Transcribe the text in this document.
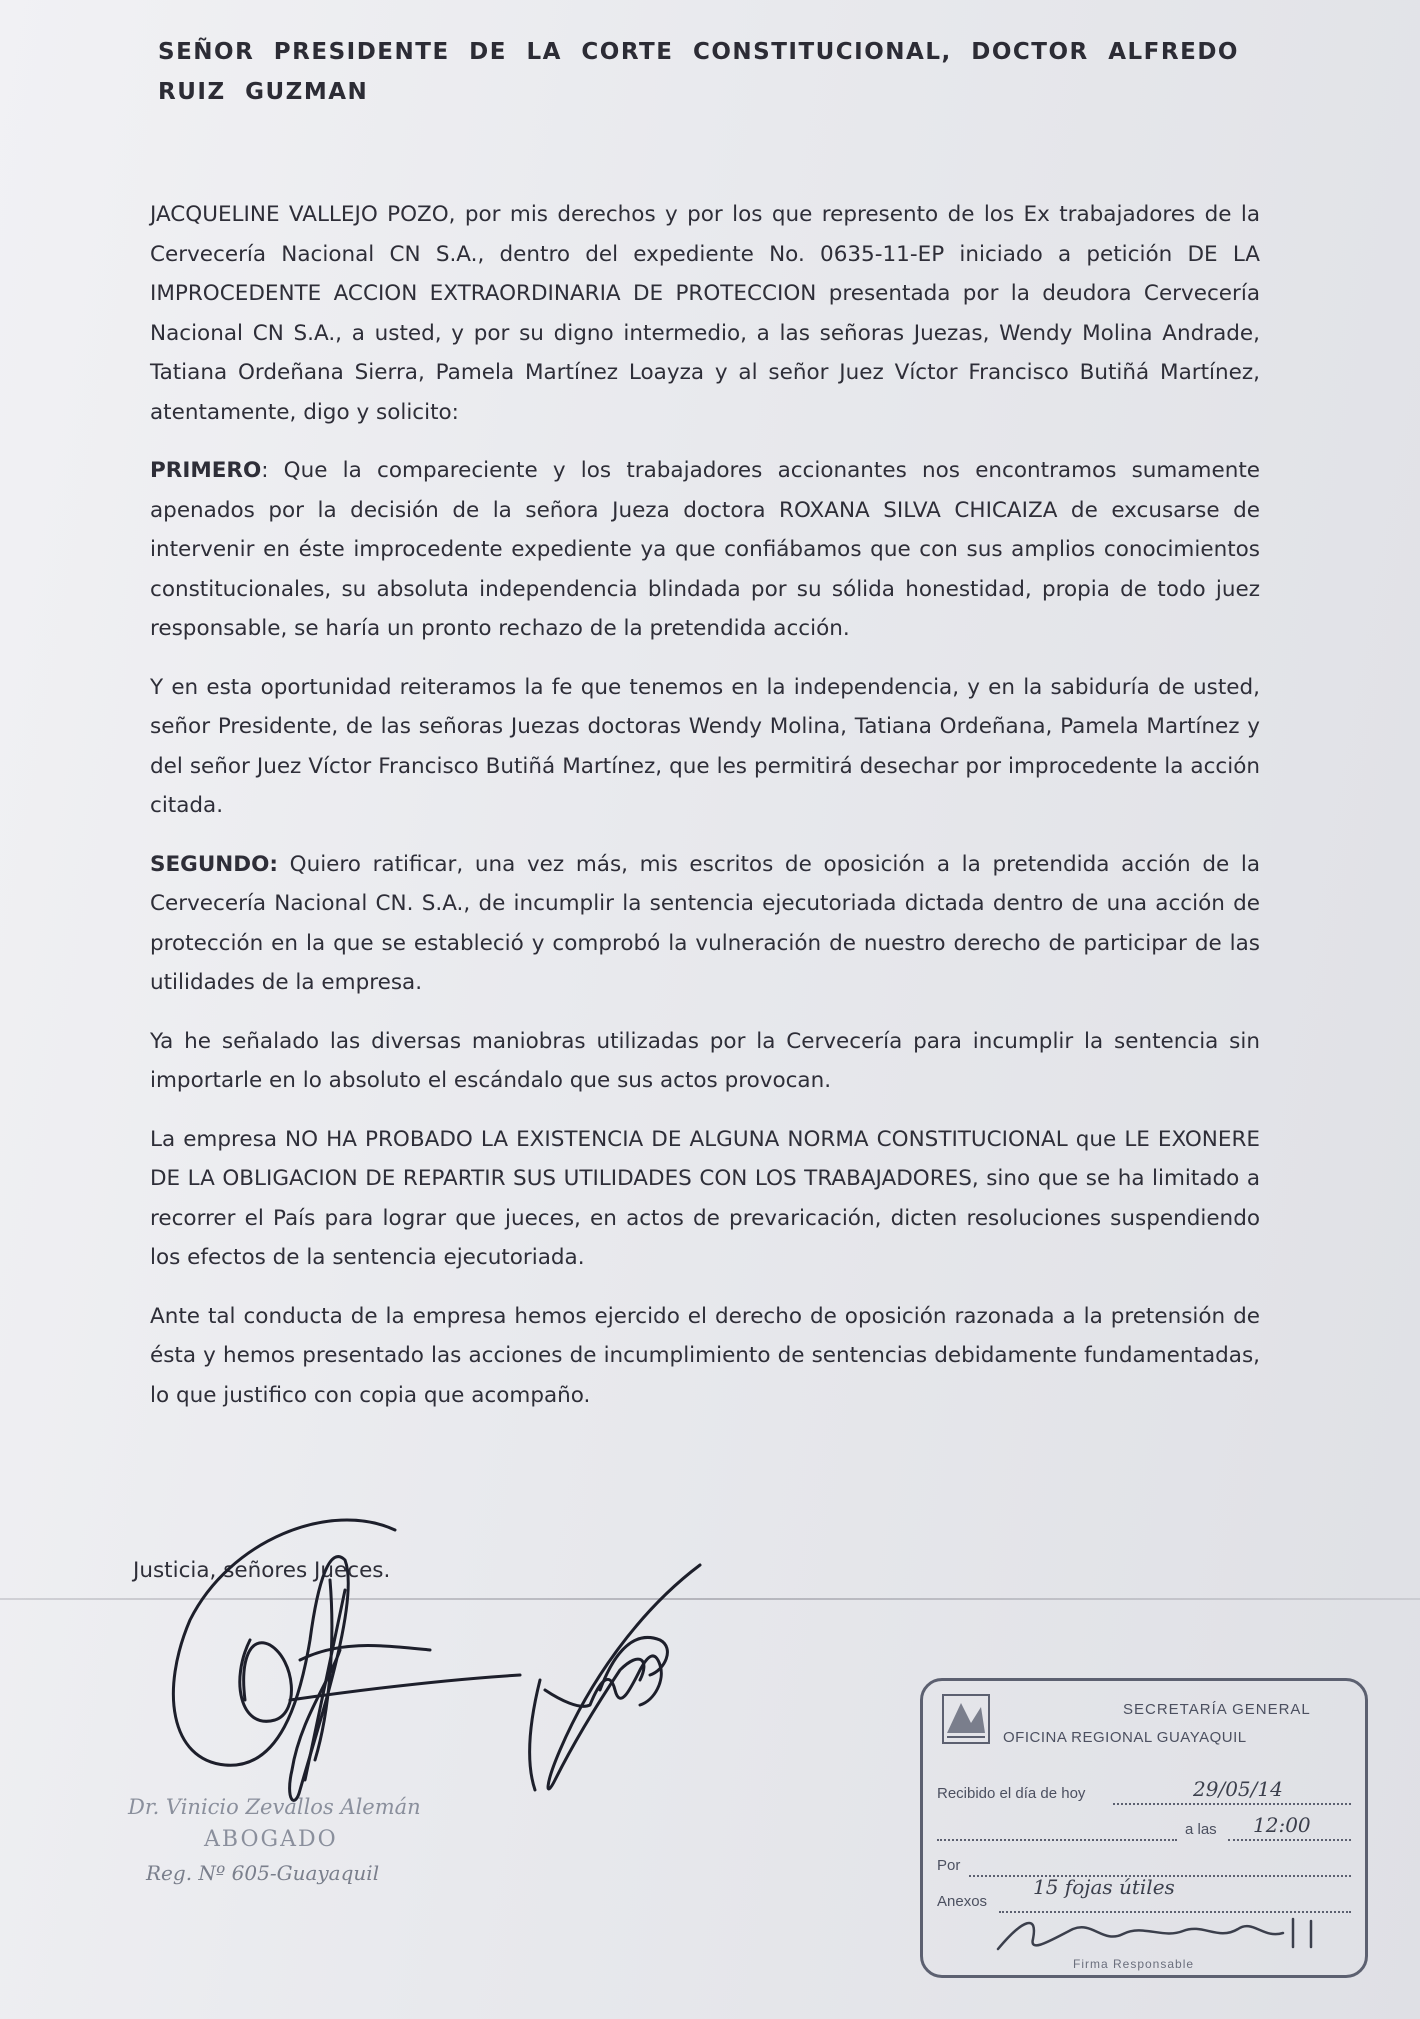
SEÑOR PRESIDENTE DE LA CORTE CONSTITUCIONAL, DOCTOR ALFREDO RUIZ GUZMAN

JACQUELINE VALLEJO POZO, por mis derechos y por los que represento de los Ex trabajadores de la Cervecería Nacional CN S.A., dentro del expediente No. 0635-11-EP iniciado a petición DE LA IMPROCEDENTE ACCION EXTRAORDINARIA DE PROTECCION presentada por la deudora Cervecería Nacional CN S.A., a usted, y por su digno intermedio, a las señoras Juezas, Wendy Molina Andrade, Tatiana Ordeñana Sierra, Pamela Martínez Loayza y al señor Juez Víctor Francisco Butiñá Martínez, atentamente, digo y solicito:

PRIMERO: Que la compareciente y los trabajadores accionantes nos encontramos sumamente apenados por la decisión de la señora Jueza doctora ROXANA SILVA CHICAIZA de excusarse de intervenir en éste improcedente expediente ya que confiábamos que con sus amplios conocimientos constitucionales, su absoluta independencia blindada por su sólida honestidad, propia de todo juez responsable, se haría un pronto rechazo de la pretendida acción.

Y en esta oportunidad reiteramos la fe que tenemos en la independencia, y en la sabiduría de usted, señor Presidente, de las señoras Juezas doctoras Wendy Molina, Tatiana Ordeñana, Pamela Martínez y del señor Juez Víctor Francisco Butiñá Martínez, que les permitirá desechar por improcedente la acción citada.

SEGUNDO: Quiero ratificar, una vez más, mis escritos de oposición a la pretendida acción de la Cervecería Nacional CN. S.A., de incumplir la sentencia ejecutoriada dictada dentro de una acción de protección en la que se estableció y comprobó la vulneración de nuestro derecho de participar de las utilidades de la empresa.

Ya he señalado las diversas maniobras utilizadas por la Cervecería para incumplir la sentencia sin importarle en lo absoluto el escándalo que sus actos provocan.

La empresa NO HA PROBADO LA EXISTENCIA DE ALGUNA NORMA CONSTITUCIONAL que LE EXONERE DE LA OBLIGACION DE REPARTIR SUS UTILIDADES CON LOS TRABAJADORES, sino que se ha limitado a recorrer el País para lograr que jueces, en actos de prevaricación, dicten resoluciones suspendiendo los efectos de la sentencia ejecutoriada.

Ante tal conducta de la empresa hemos ejercido el derecho de oposición razonada a la pretensión de ésta y hemos presentado las acciones de incumplimiento de sentencias debidamente fundamentadas, lo que justifico con copia que acompaño.

Justicia, señores Jueces.

Dr. Vinicio Zevallos Alemán
ABOGADO
Reg. Nº 605-Guayaquil
SECRETARÍA GENERAL
OFICINA REGIONAL GUAYAQUIL
Recibido el día de hoy	29/05/14
a las 12:00
Por
Anexos
15 fojas útiles
Firma Responsable
